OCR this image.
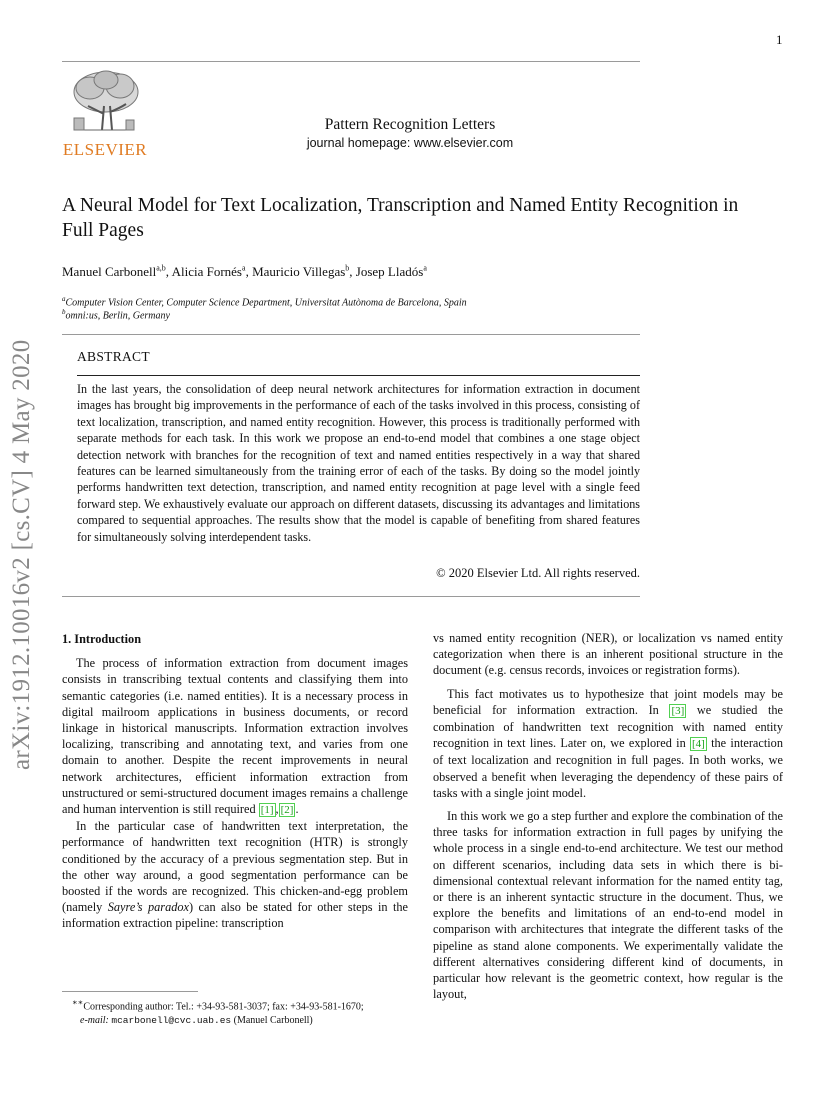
1
ELSEVIER
Pattern Recognition Letters
journal homepage: www.elsevier.com
A Neural Model for Text Localization, Transcription and Named Entity Recognition in Full Pages
Manuel Carbonell$^{a,b}$, Alicia Fornés$^a$, Mauricio Villegas$^b$, Josep Lladós$^a$
$^a$Computer Vision Center, Computer Science Department, Universitat Autònoma de Barcelona, Spain
$^b$omni:us, Berlin, Germany
arXiv:1912.10016v2 [cs.CV] 4 May 2020	ABSTRACT
In the last years, the consolidation of deep neural network architectures for information extraction in document images has brought big improvements in the performance of each of the tasks involved in this process, consisting of text localization, transcription, and named entity recognition. However, this process is traditionally performed with separate methods for each task. In this work we propose an end-to-end model that combines a one stage object detection network with branches for the recognition of text and named entities respectively in a way that shared features can be learned simultaneously from the training error of each of the tasks. By doing so the model jointly performs handwritten text detection, transcription, and named entity recognition at page level with a single feed forward step. We exhaustively evaluate our approach on different datasets, discussing its advantages and limitations compared to sequential approaches. The results show that the model is capable of benefiting from shared features for simultaneously solving interdependent tasks.
© 2020 Elsevier Ltd. All rights reserved.
1. Introduction

The process of information extraction from document images consists in transcribing textual contents and classifying them into semantic categories (i.e. named entities). It is a necessary process in digital mailroom applications in business documents, or record linkage in historical manuscripts. Information extraction involves localizing, transcribing and annotating text, and varies from one domain to another. Despite the recent improvements in neural network architectures, efficient information extraction from unstructured or semi-structured document images remains a challenge and human intervention is still required [1] , [2] .

In the particular case of handwritten text interpretation, the performance of handwritten text recognition (HTR) is strongly conditioned by the accuracy of a previous segmentation step. But in the other way around, a good segmentation performance can be boosted if the words are recognized. This chicken-and-egg problem (namely Sayre’s paradox) can also be stated for other steps in the information extraction pipeline: transcription

vs named entity recognition (NER), or localization vs named entity categorization when there is an inherent positional structure in the document (e.g. census records, invoices or registration forms).

This fact motivates us to hypothesize that joint models may be beneficial for information extraction. In [3] we studied the combination of handwritten text recognition with named entity recognition in text lines. Later on, we explored in [4] the interaction of text localization and recognition in full pages. In both works, we observed a benefit when leveraging the dependency of these pairs of tasks with a single joint model.

In this work we go a step further and explore the combination of the three tasks for information extraction in full pages by unifying the whole process in a single end-to-end architecture. We test our method on different scenarios, including data sets in which there is bi-dimensional contextual relevant information for the named entity tag, or there is an inherent syntactic structure in the document. Thus, we explore the benefits and limitations of an end-to-end model in comparison with architectures that integrate the different tasks of the pipeline as stand alone components. We experimentally validate the different alternatives considering different kind of documents, in particular how relevant is the geometric context, how regular is the layout,

∗∗Corresponding author: Tel.: +34-93-581-3037; fax: +34-93-581-1670;
e-mail: mcarbonell@cvc.uab.es (Manuel Carbonell)
